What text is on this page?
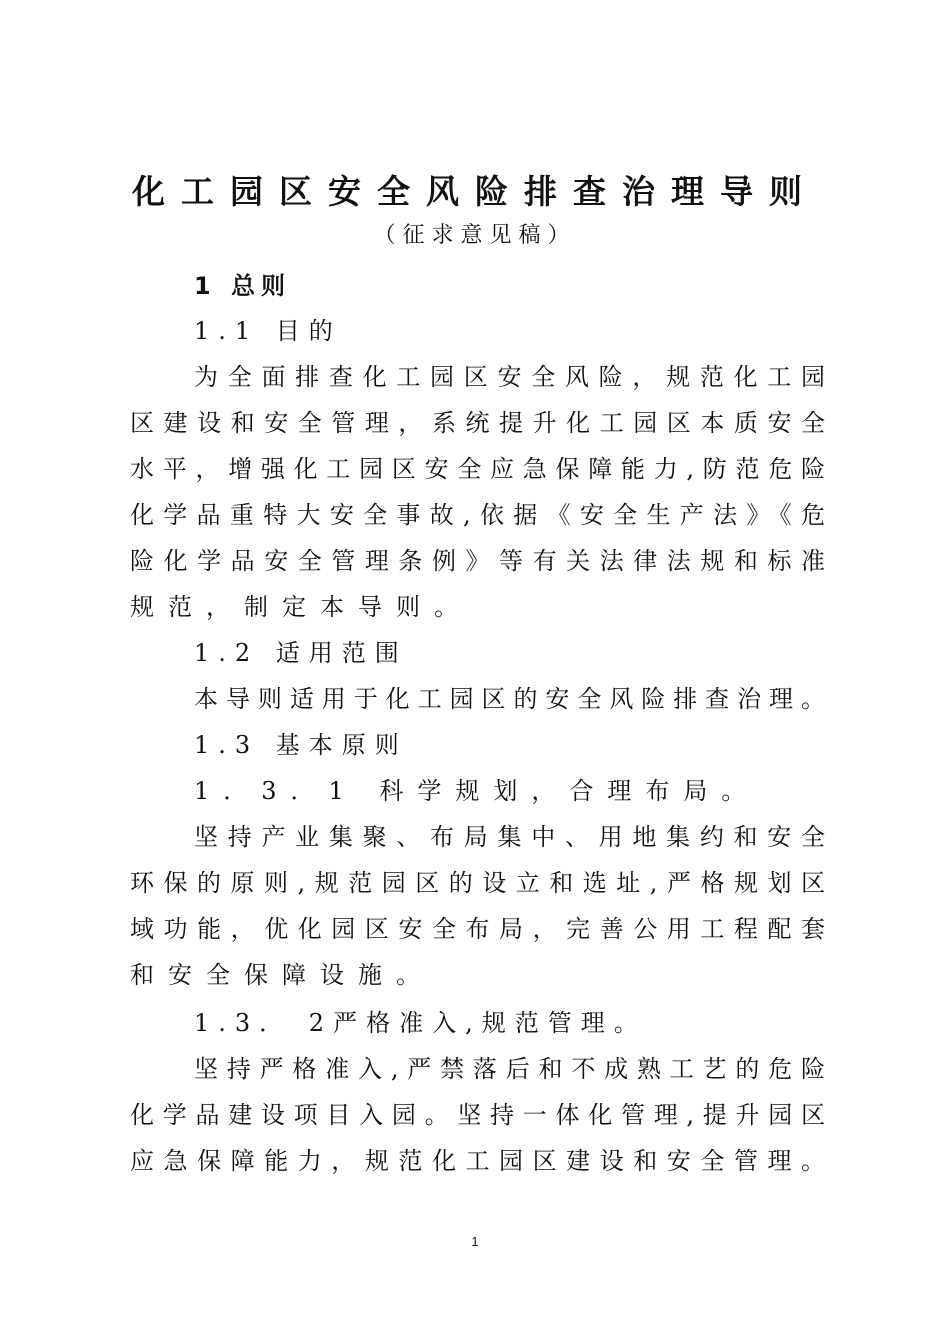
化工园区安全风险排查治理导则
（征求意见稿）
1 总则
1.1 目的
为全面排查化工园区安全风险，规范化工园
区建设和安全管理，系统提升化工园区本质安全
水平，增强化工园区安全应急保障能力,防范危险
化学品重特大安全事故,依据《安全生产法》《危
险化学品安全管理条例》等有关法律法规和标准
规范，制定本导则。
1.2 适用范围
本导则适用于化工园区的安全风险排查治理。
1.3 基本原则
1．3．1 科学规划，合理布局。
坚持产业集聚、布局集中、用地集约和安全
环保的原则,规范园区的设立和选址,严格规划区
域功能，优化园区安全布局，完善公用工程配套
和安全保障设施。
1.3． 2严格准入,规范管理。
坚持严格准入,严禁落后和不成熟工艺的危险
化学品建设项目入园。坚持一体化管理,提升园区
应急保障能力，规范化工园区建设和安全管理。
1
